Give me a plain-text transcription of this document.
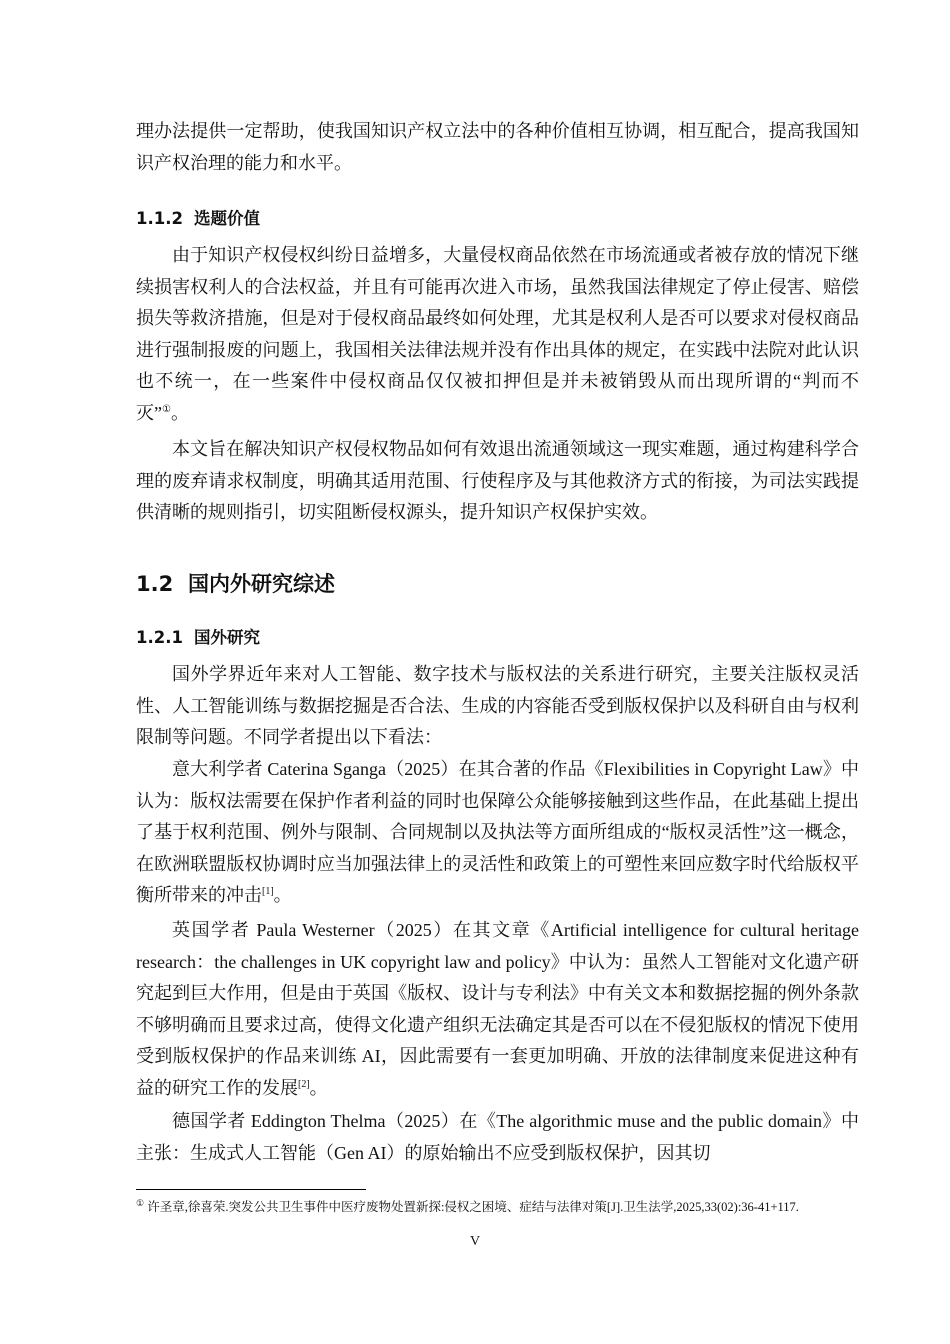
理办法提供一定帮助，使我国知识产权立法中的各种价值相互协调，相互配合，提高我国知识产权治理的能力和水平。

1.1.2 选题价值

由于知识产权侵权纠纷日益增多，大量侵权商品依然在市场流通或者被存放的情况下继续损害权利人的合法权益，并且有可能再次进入市场，虽然我国法律规定了停止侵害、赔偿损失等救济措施，但是对于侵权商品最终如何处理，尤其是权利人是否可以要求对侵权商品进行强制报废的问题上，我国相关法律法规并没有作出具体的规定，在实践中法院对此认识也不统一，在一些案件中侵权商品仅仅被扣押但是并未被销毁从而出现所谓的“判而不灭”①。

本文旨在解决知识产权侵权物品如何有效退出流通领域这一现实难题，通过构建科学合理的废弃请求权制度，明确其适用范围、行使程序及与其他救济方式的衔接，为司法实践提供清晰的规则指引，切实阻断侵权源头，提升知识产权保护实效。

1.2 国内外研究综述
1.2.1 国外研究

国外学界近年来对人工智能、数字技术与版权法的关系进行研究，主要关注版权灵活性、人工智能训练与数据挖掘是否合法、生成的内容能否受到版权保护以及科研自由与权利限制等问题。不同学者提出以下看法：

意大利学者 Caterina Sganga（2025）在其合著的作品《Flexibilities in Copyright Law》中认为：版权法需要在保护作者利益的同时也保障公众能够接触到这些作品，在此基础上提出了基于权利范围、例外与限制、合同规制以及执法等方面所组成的“版权灵活性”这一概念，在欧洲联盟版权协调时应当加强法律上的灵活性和政策上的可塑性来回应数字时代给版权平衡所带来的冲击[1]。

英国学者 Paula Westerner（2025）在其文章《Artificial intelligence for cultural heritage research：the challenges in UK copyright law and policy》中认为：虽然人工智能对文化遗产研究起到巨大作用，但是由于英国《版权、设计与专利法》中有关文本和数据挖掘的例外条款不够明确而且要求过高，使得文化遗产组织无法确定其是否可以在不侵犯版权的情况下使用受到版权保护的作品来训练 AI，因此需要有一套更加明确、开放的法律制度来促进这种有益的研究工作的发展[2]。

德国学者 Eddington Thelma（2025）在《The algorithmic muse and the public domain》中主张：生成式人工智能（Gen AI）的原始输出不应受到版权保护，因其切

① 许圣章,徐喜荣.突发公共卫生事件中医疗废物处置新探:侵权之困境、症结与法律对策[J].卫生法学,2025,33(02):36-41+117.

V
